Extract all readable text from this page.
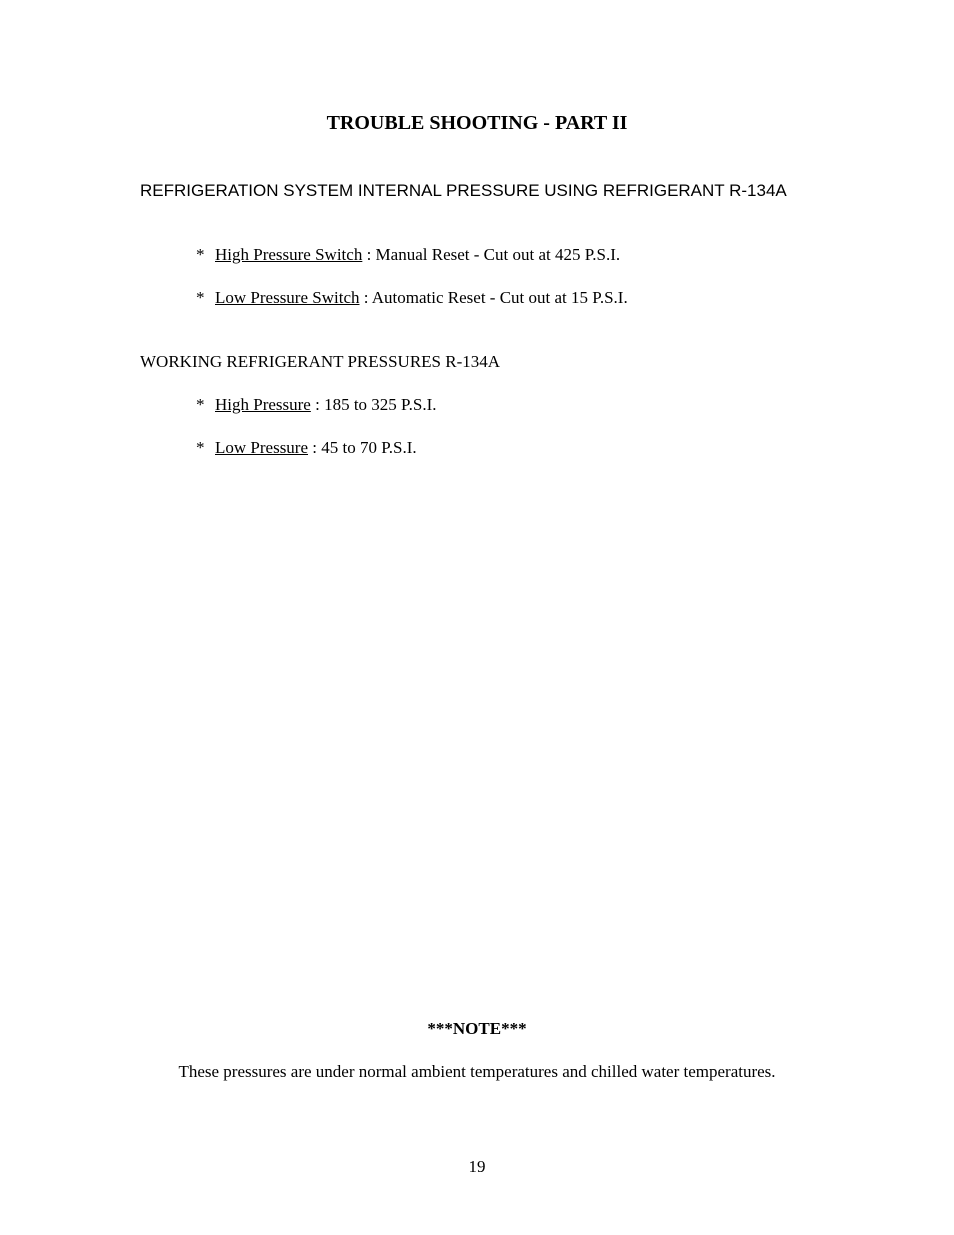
TROUBLE SHOOTING - PART II
REFRIGERATION SYSTEM INTERNAL PRESSURE USING REFRIGERANT R-134A
* High Pressure Switch : Manual Reset - Cut out at 425 P.S.I.
* Low Pressure Switch : Automatic Reset - Cut out at 15 P.S.I.
WORKING REFRIGERANT PRESSURES R-134A
* High Pressure : 185 to 325 P.S.I.
* Low Pressure : 45 to 70 P.S.I.
***NOTE***
These pressures are under normal ambient temperatures and chilled water temperatures.
19
